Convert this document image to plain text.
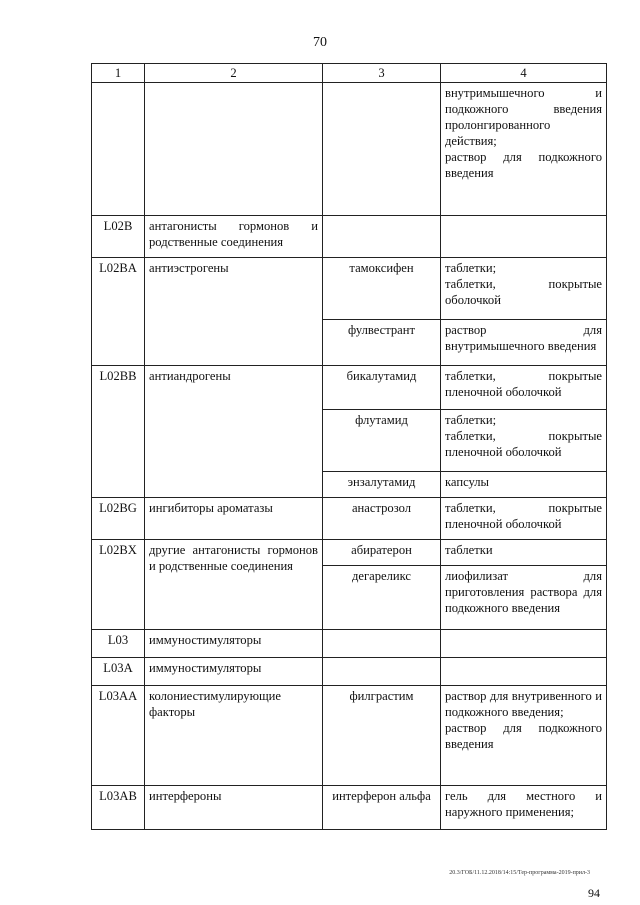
70
1	2	3	4
			внутримышечного и подкожного введения пролонгированного действия;
раствор для подкожного введения
L02B	антагонисты гормонов и родственные соединения		
L02BA	антиэстрогены	тамоксифен	таблетки;
таблетки, покрытые оболочкой
		фулвестрант	раствор для внутримышечного введения
L02BB	антиандрогены	бикалутамид	таблетки, покрытые пленочной оболочкой
		флутамид	таблетки;
таблетки, покрытые пленочной оболочкой
		энзалутамид	капсулы
L02BG	ингибиторы ароматазы	анастрозол	таблетки, покрытые пленочной оболочкой
L02BX	другие антагонисты гормонов и родственные соединения	абиратерон	таблетки
		дегареликс	лиофилизат для приготовления раствора для подкожного введения
L03	иммуностимуляторы		
L03A	иммуностимуляторы		
L03AA	колониестимулирующие факторы	филграстим	раствор для внутривенного и подкожного введения;
раствор для подкожного введения
L03AB	интерфероны	интерферон альфа	гель для местного и наружного применения;
20.3/ГОБ/11.12.2018/14:15/Тер-программа-2019-прил-3
94
